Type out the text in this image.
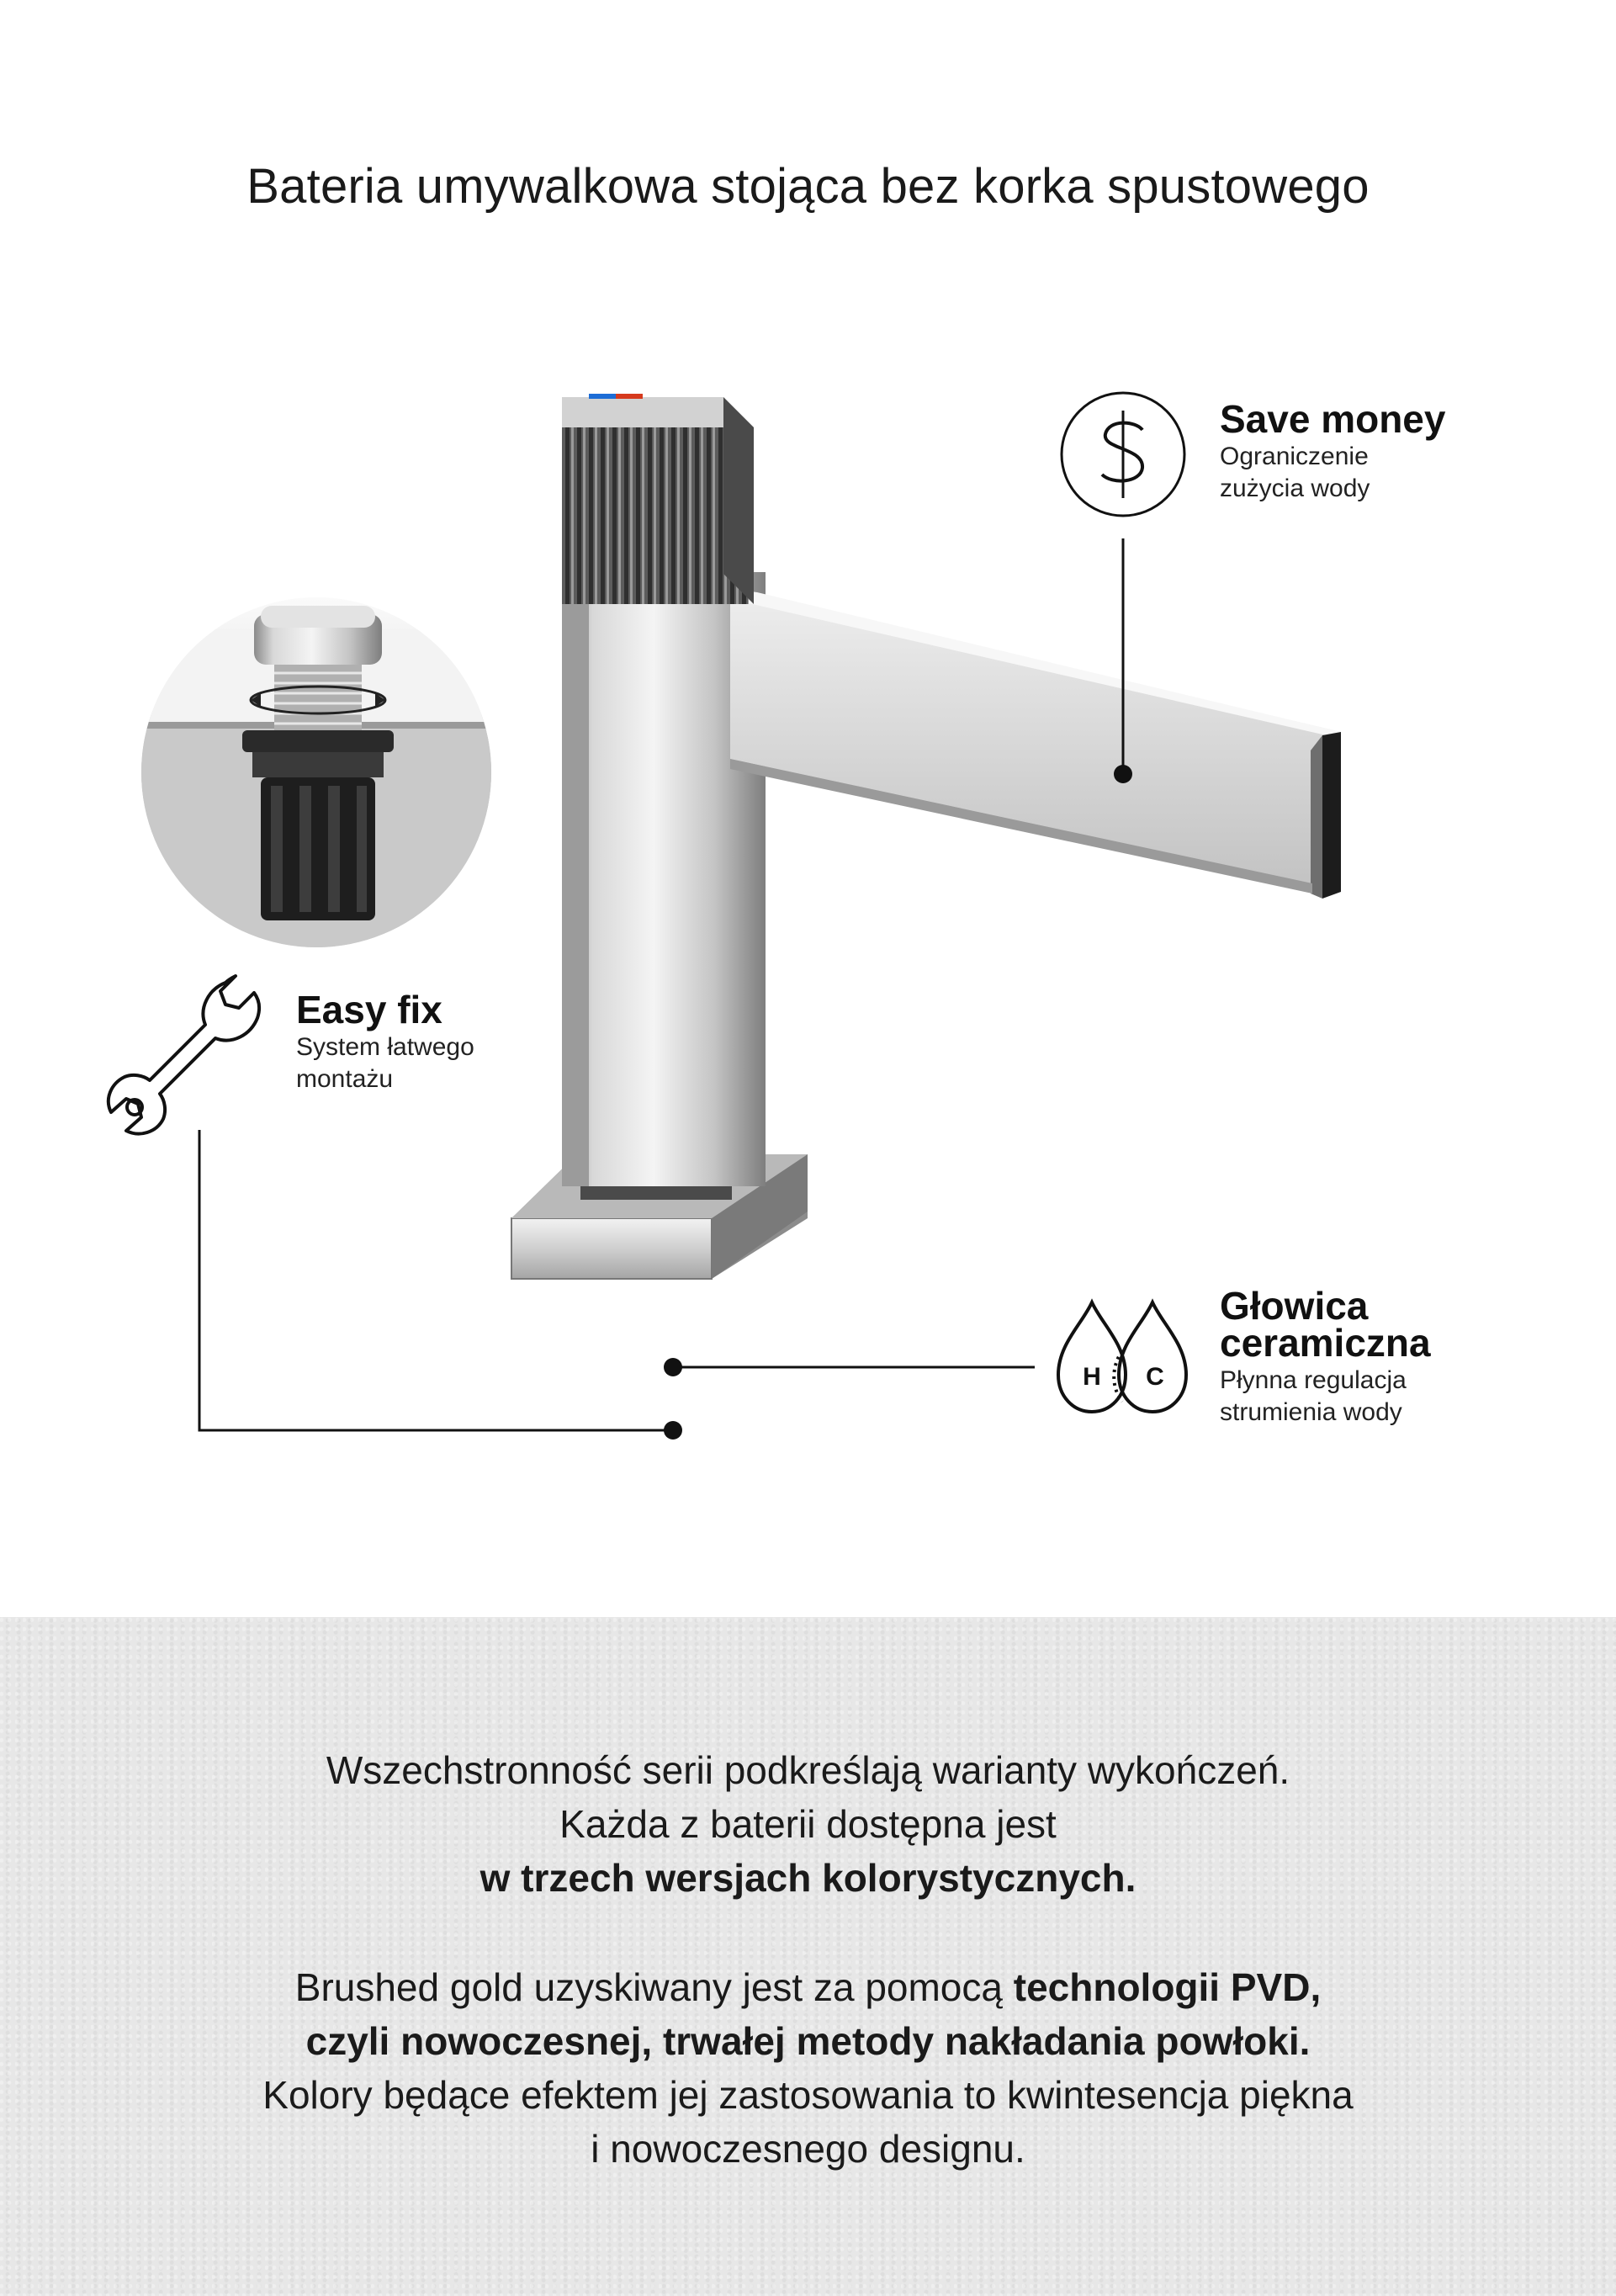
Bateria umywalkowa stojąca bez korka spustowego
H C
Save money
Ograniczenie
zużycia wody
Easy fix
System łatwego
montażu
Głowica
ceramiczna
Płynna regulacja
strumienia wody
Wszechstronność serii podkreślają warianty wykończeń.
Każda z baterii dostępna jest
w trzech wersjach kolorystycznych.
Brushed gold uzyskiwany jest za pomocą technologii PVD,
czyli nowoczesnej, trwałej metody nakładania powłoki.
Kolory będące efektem jej zastosowania to kwintesencja piękna
i nowoczesnego designu.
